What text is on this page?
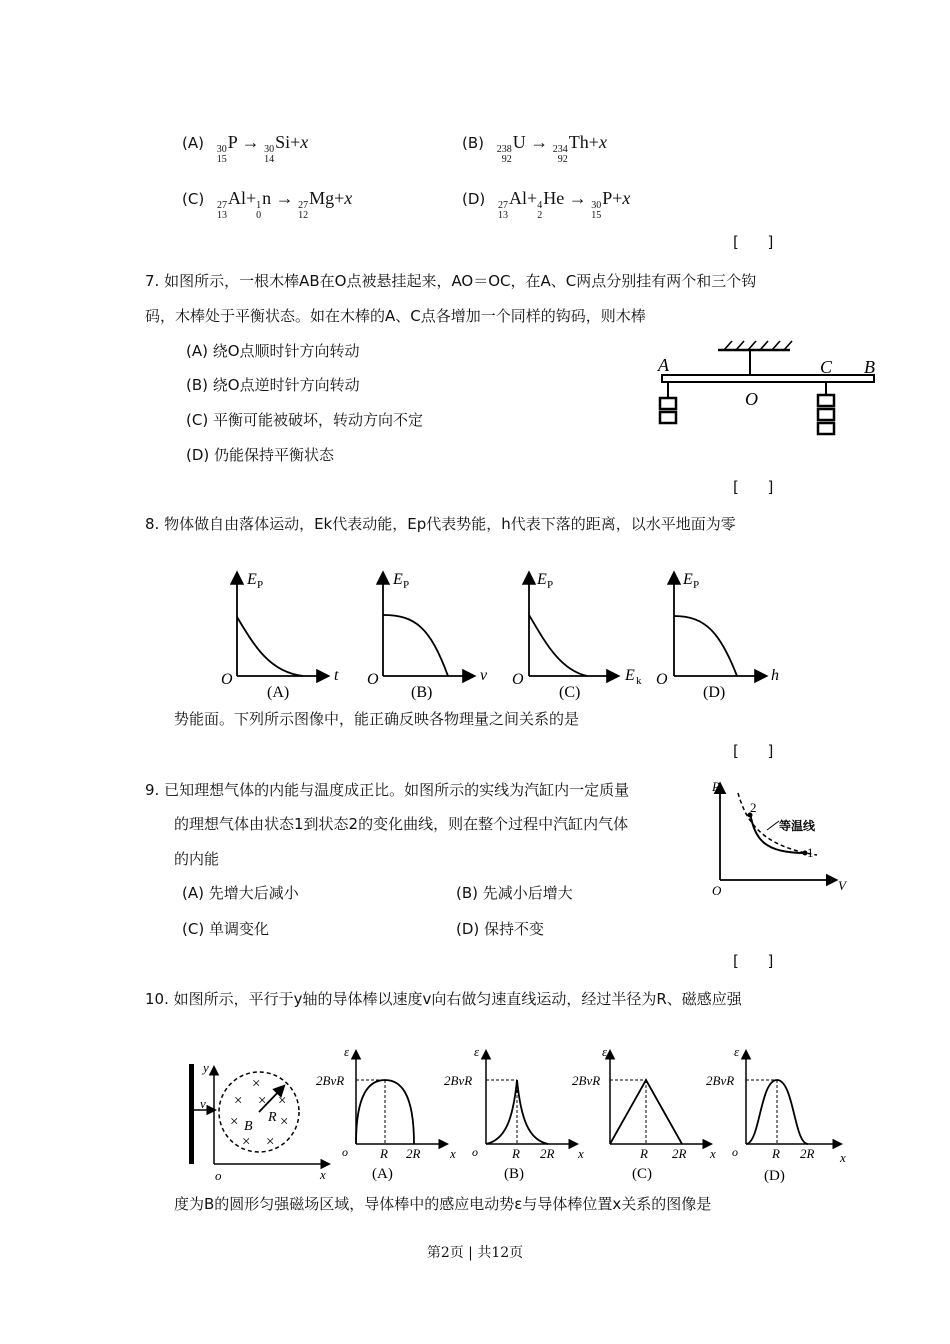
(A) 30
15
P → 30
14
Si+x	(B) 238
92
U → 234
92
Th+x
(C) 27
13
Al+ 1
0
n → 27
12
Mg+x	(D) 27
13
Al+ 4
2
He → 30
15
P+x
[      ]
7. 如图所示，一根木棒AB在O点被悬挂起来，AO＝OC，在A、C两点分别挂有两个和三个钩
码，木棒处于平衡状态。如在木棒的A、C点各增加一个同样的钩码，则木棒
(A) 绕O点顺时针方向转动
(B) 绕O点逆时针方向转动
(C) 平衡可能被破坏，转动方向不定
(D) 仍能保持平衡状态
A
O
C B
[      ]
8. 物体做自由落体运动，Ek代表动能，Ep代表势能，h代表下落的距离，以水平地面为零
E P
t
O
(A)
E P
v
O
(B)
E P
E k
O
(C)
E P
h
O
(D)
势能面。下列所示图像中，能正确反映各物理量之间关系的是
[      ]
9. 已知理想气体的内能与温度成正比。如图所示的实线为汽缸内一定质量
的理想气体由状态1到状态2的变化曲线，则在整个过程中汽缸内气体
的内能
(A) 先增大后减小	(B) 先减小后增大
(C) 单调变化	(D) 保持不变
P
V
O
2
1
等温线
[      ]
10. 如图所示，平行于y轴的导体棒以速度v向右做匀速直线运动，经过半径为R、磁感应强
× × ×
×	×
× ×
×
y
v
B
R
o	x
ε
2BvR
o R 2R x
(A)
ε
2BvR
o	R 2R x
(B)
ε
2BvR
R 2R x
(C)
ε
2BvR
o	R 2R x
(D)
度为B的圆形匀强磁场区域，导体棒中的感应电动势ε与导体棒位置x关系的图像是
第2页 | 共12页
